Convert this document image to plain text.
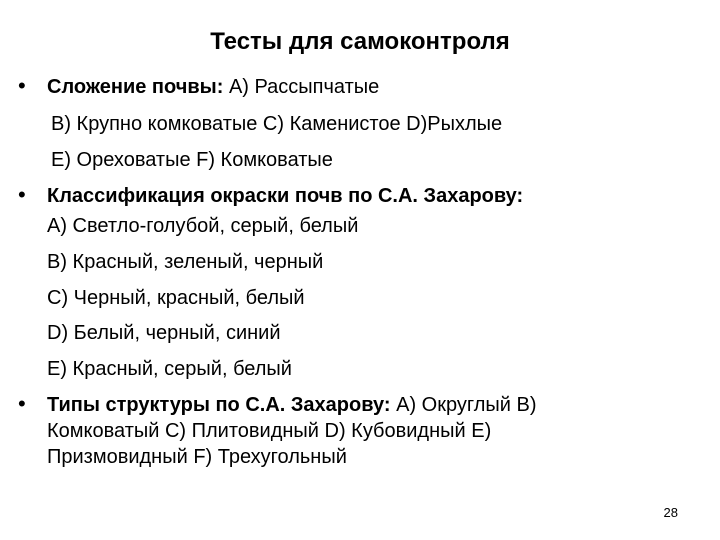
Тесты для самоконтроля
• Сложение почвы: А) Рассыпчатые
В) Крупно комковатые С) Каменистое D)Рыхлые
Е) Ореховатые F) Комковатые
• Классификация окраски почв по С.А. Захарову:
А) Светло-голубой, серый, белый
В) Красный, зеленый, черный
С) Черный, красный, белый
D) Белый, черный, синий
Е) Красный, серый, белый
• Типы структуры по С.А. Захарову: А) Округлый В)
Комковатый С) Плитовидный D) Кубовидный Е)
Призмовидный F) Трехугольный
28
